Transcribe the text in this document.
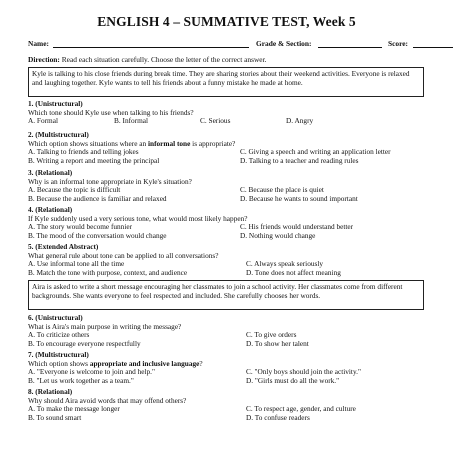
ENGLISH 4 – SUMMATIVE TEST, Week 5
Name:	Grade & Section:	Score:
Direction: Read each situation carefully. Choose the letter of the correct answer.
Kyle is talking to his close friends during break time. They are sharing stories about their weekend activities. Everyone is relaxed and laughing together. Kyle wants to tell his friends about a funny mistake he made at home.
1. (Unistructural)
Which tone should Kyle use when talking to his friends?
A. Formal	B. Informal	C. Serious	D. Angry
2. (Multistructural)
Which option shows situations where an informal tone is appropriate?
A. Talking to friends and telling jokes	C. Giving a speech and writing an application letter
B. Writing a report and meeting the principal	D. Talking to a teacher and reading rules
3. (Relational)
Why is an informal tone appropriate in Kyle's situation?
A. Because the topic is difficult	C. Because the place is quiet
B. Because the audience is familiar and relaxed	D. Because he wants to sound important
4. (Relational)
If Kyle suddenly used a very serious tone, what would most likely happen?
A. The story would become funnier	C. His friends would understand better
B. The mood of the conversation would change	D. Nothing would change
5. (Extended Abstract)
What general rule about tone can be applied to all conversations?
A. Use informal tone all the time	C. Always speak seriously
B. Match the tone with purpose, context, and audience	D. Tone does not affect meaning
Aira is asked to write a short message encouraging her classmates to join a school activity. Her classmates come from different backgrounds. She wants everyone to feel respected and included. She carefully chooses her words.
6. (Unistructural)
What is Aira's main purpose in writing the message?
A. To criticize others	C. To give orders
B. To encourage everyone respectfully	D. To show her talent
7. (Multistructural)
Which option shows appropriate and inclusive language?
A. "Everyone is welcome to join and help."	C. "Only boys should join the activity."
B. "Let us work together as a team."	D. "Girls must do all the work."
8. (Relational)
Why should Aira avoid words that may offend others?
A. To make the message longer	C. To respect age, gender, and culture
B. To sound smart	D. To confuse readers
